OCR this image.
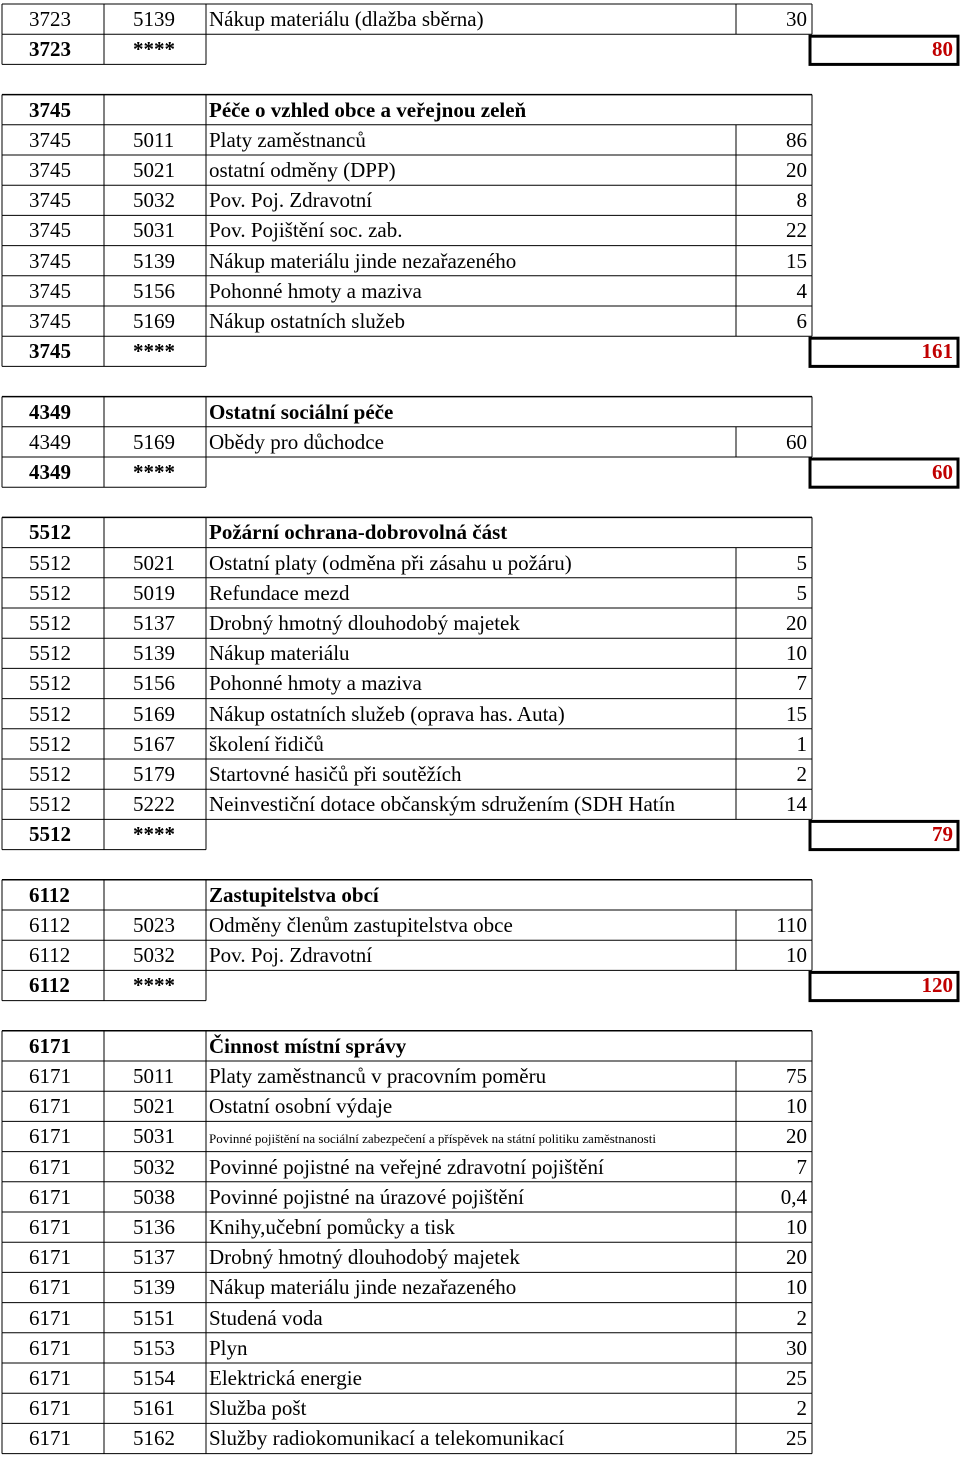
3723	5139 Nákup materiálu (dlažba sběrna)	30
3723	****	80
3745	Péče o vzhled obce a veřejnou zeleň
3745	5011 Platy zaměstnanců	86
3745	5021 ostatní odměny (DPP)	20
3745	5032 Pov. Poj. Zdravotní	8
3745	5031 Pov. Pojištění soc. zab.	22
3745	5139 Nákup materiálu jinde nezařazeného	15
3745	5156 Pohonné hmoty a maziva	4
3745	5169 Nákup ostatních služeb	6
3745	****	161
4349	Ostatní sociální péče
4349	5169 Obědy pro důchodce	60
4349	****	60
5512	Požární ochrana-dobrovolná část
5512	5021 Ostatní platy (odměna při zásahu u požáru)	5
5512	5019 Refundace mezd	5
5512	5137 Drobný hmotný dlouhodobý majetek	20
5512	5139 Nákup materiálu	10
5512	5156 Pohonné hmoty a maziva	7
5512	5169 Nákup ostatních služeb (oprava has. Auta)	15
5512	5167 školení řidičů	1
5512	5179 Startovné hasičů při soutěžích	2
5512	5222 Neinvestiční dotace občanským sdružením (SDH Hatín	14
5512	****	79
6112	Zastupitelstva obcí
6112	5023 Odměny členům zastupitelstva obce	110
6112	5032 Pov. Poj. Zdravotní	10
6112	****	120
6171	Činnost místní správy
6171	5011 Platy zaměstnanců v pracovním poměru	75
6171	5021 Ostatní osobní výdaje	10
6171	5031	Povinné pojištění na sociální zabezpečení a příspěvek na státní politiku zaměstnanosti	20
6171	5032 Povinné pojistné na veřejné zdravotní pojištění	7
6171	5038 Povinné pojistné na úrazové pojištění	0,4
6171	5136 Knihy,učební pomůcky a tisk	10
6171	5137 Drobný hmotný dlouhodobý majetek	20
6171	5139 Nákup materiálu jinde nezařazeného	10
6171	5151 Studená voda	2
6171	5153 Plyn	30
6171	5154 Elektrická energie	25
6171	5161 Služba pošt	2
6171	5162 Služby radiokomunikací a telekomunikací	25
